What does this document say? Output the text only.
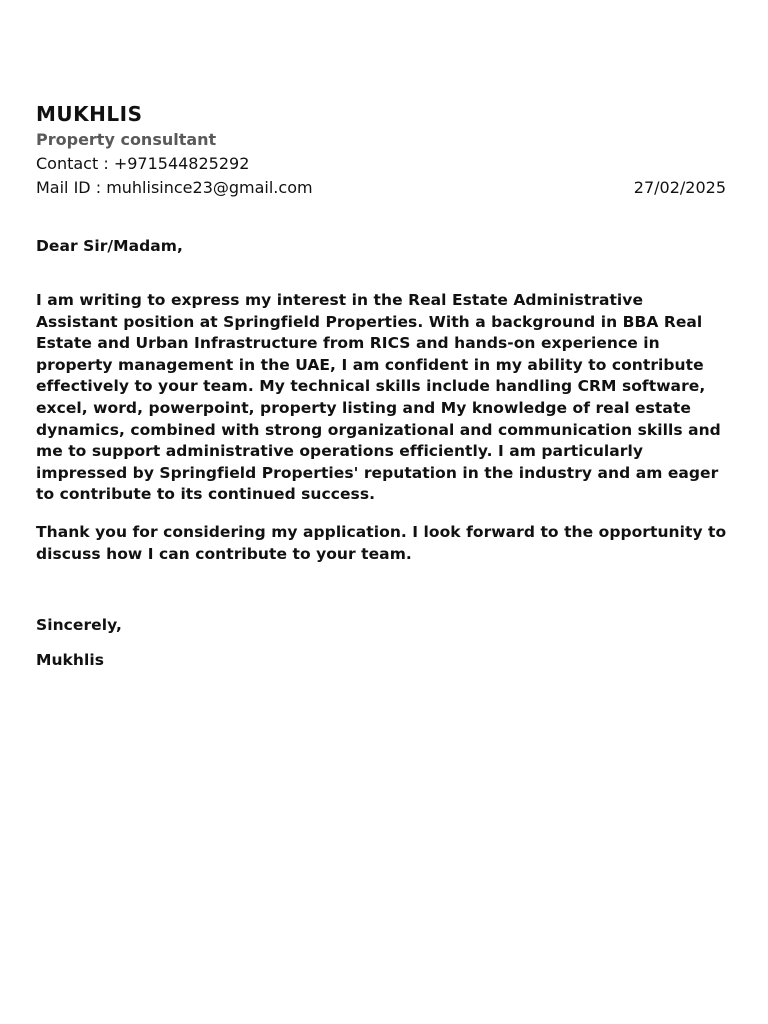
MUKHLIS

Property consultant

Contact : +971544825292

Mail ID : muhlisince23@gmail.com	27/02/2025
Dear Sir/Madam,
I am writing to express my interest in the Real Estate Administrative Assistant position at Springfield Properties. With a background in BBA Real Estate and Urban Infrastructure from RICS and hands-on experience in property management in the UAE, I am confident in my ability to contribute effectively to your team. My technical skills include handling CRM software, excel, word, powerpoint, property listing and My knowledge of real estate dynamics, combined with strong organizational and communication skills and me to support administrative operations efficiently. I am particularly impressed by Springfield Properties' reputation in the industry and am eager to contribute to its continued success.
Thank you for considering my application. I look forward to the opportunity to discuss how I can contribute to your team.
Sincerely,
Mukhlis
